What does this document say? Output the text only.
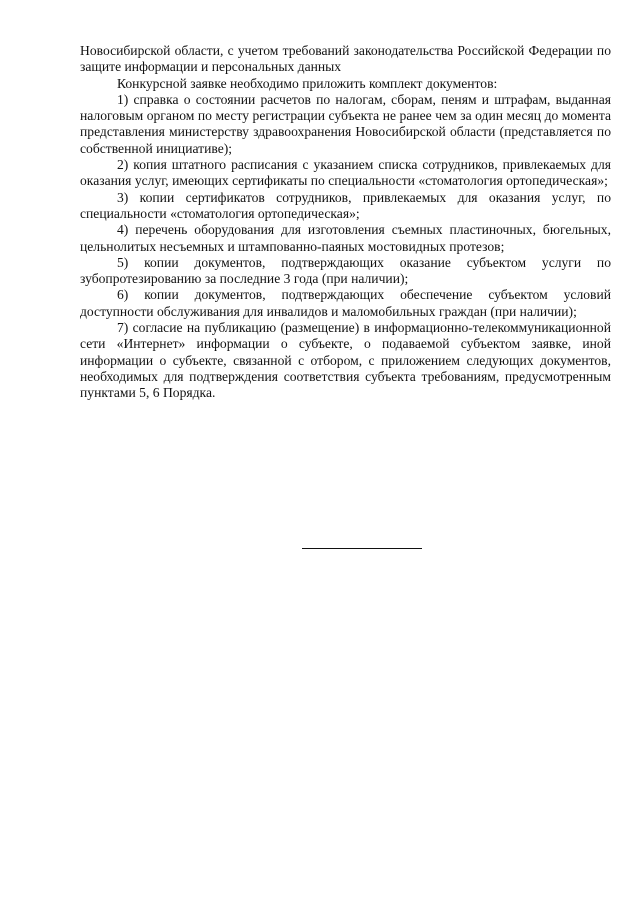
Новосибирской области, с учетом требований законодательства Российской Федерации по защите информации и персональных данных

Конкурсной заявке необходимо приложить комплект документов:

1) справка о состоянии расчетов по налогам, сборам, пеням и штрафам, выданная налоговым органом по месту регистрации субъекта не ранее чем за один месяц до момента представления министерству здравоохранения Новосибирской области (представляется по собственной инициативе);

2) копия штатного расписания с указанием списка сотрудников, привлекаемых для оказания услуг, имеющих сертификаты по специальности «стоматология ортопедическая»;

3) копии сертификатов сотрудников, привлекаемых для оказания услуг, по специальности «стоматология ортопедическая»;

4) перечень оборудования для изготовления съемных пластиночных, бюгельных, цельнолитых несъемных и штампованно-паяных мостовидных протезов;

5) копии документов, подтверждающих оказание субъектом услуги по зубопротезированию за последние 3 года (при наличии);

6) копии документов, подтверждающих обеспечение субъектом условий доступности обслуживания для инвалидов и маломобильных граждан (при наличии);

7) согласие на публикацию (размещение) в информационно-телекоммуникационной сети «Интернет» информации о субъекте, о подаваемой субъектом заявке, иной информации о субъекте, связанной с отбором, с приложением следующих документов, необходимых для подтверждения соответствия субъекта требованиям, предусмотренным пунктами 5, 6 Порядка.
